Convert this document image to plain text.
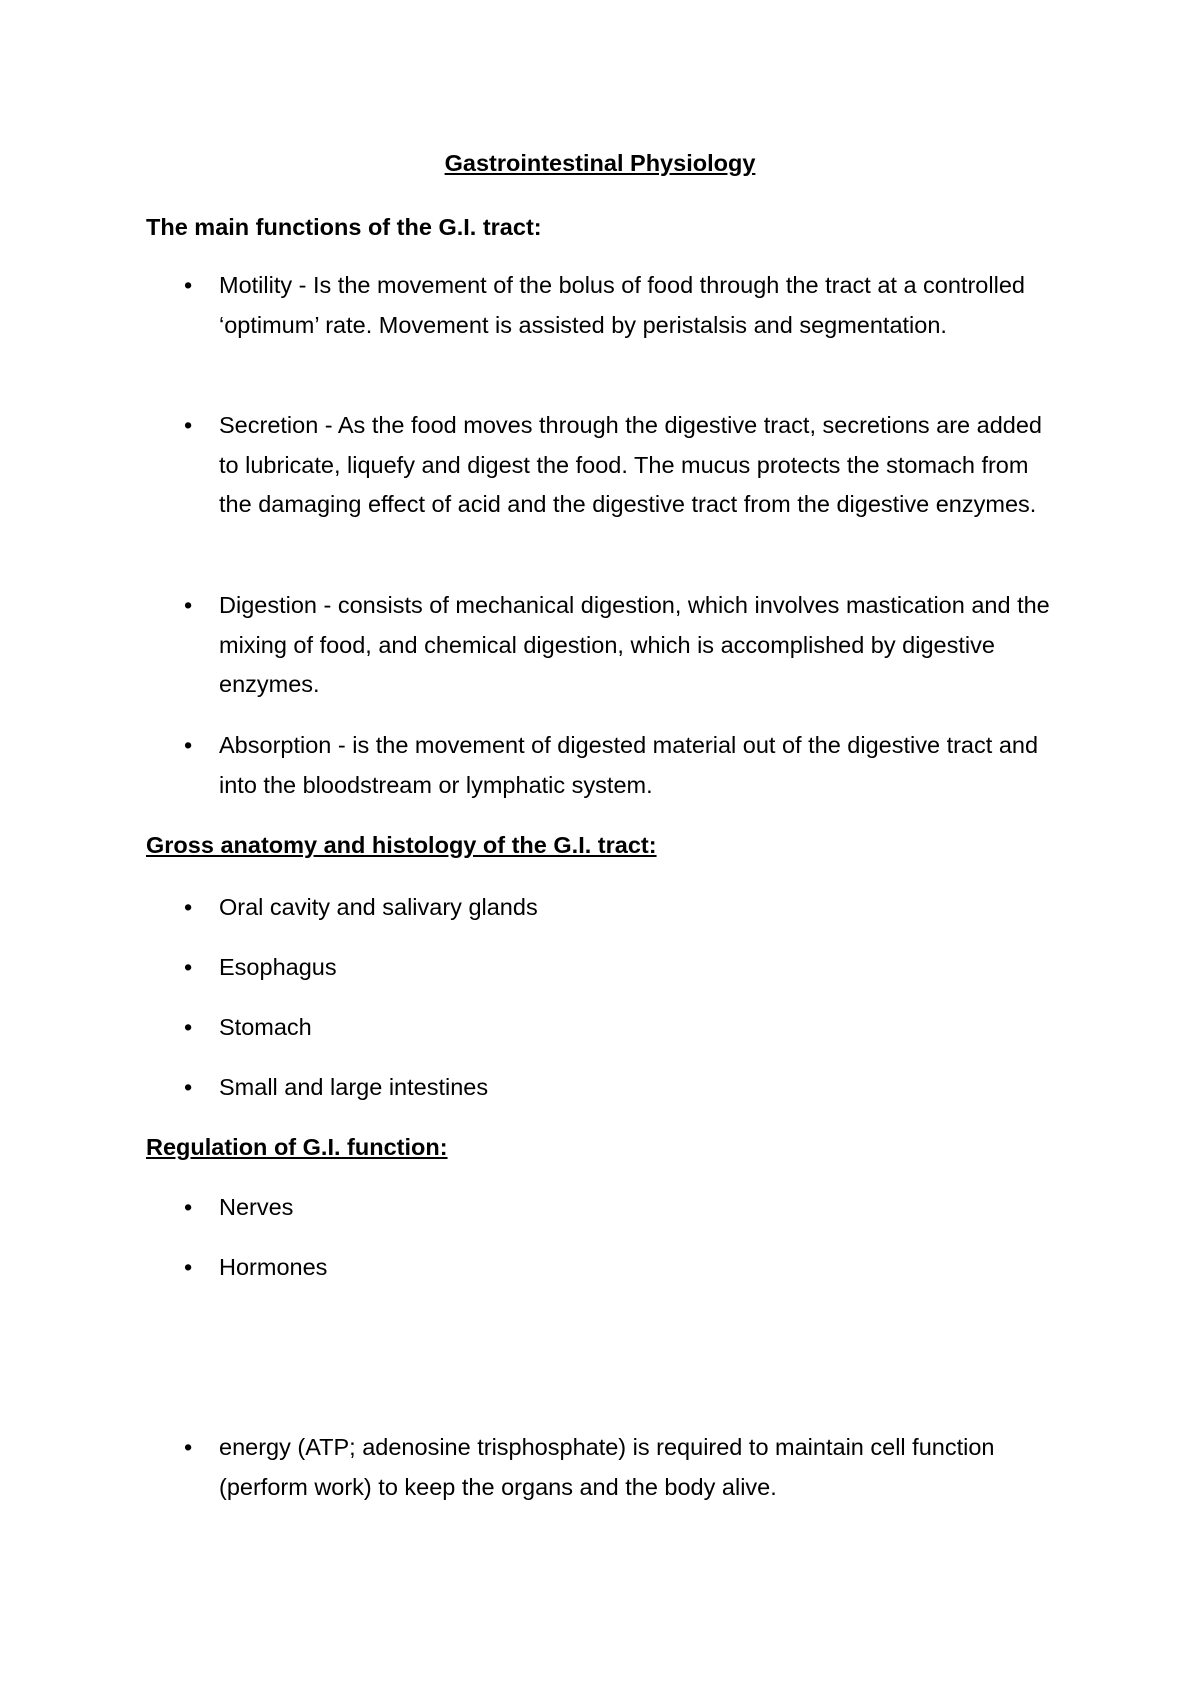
Gastrointestinal Physiology
The main functions of the G.I. tract:
• Motility - Is the movement of the bolus of food through the tract at a controlled ‘optimum’ rate. Movement is assisted by peristalsis and segmentation.
• Secretion - As the food moves through the digestive tract, secretions are added to lubricate, liquefy and digest the food. The mucus protects the stomach from the damaging effect of acid and the digestive tract from the digestive enzymes.
• Digestion - consists of mechanical digestion, which involves mastication and the mixing of food, and chemical digestion, which is accomplished by digestive enzymes.
• Absorption - is the movement of digested material out of the digestive tract and into the bloodstream or lymphatic system.
Gross anatomy and histology of the G.I. tract:
• Oral cavity and salivary glands
• Esophagus
• Stomach
• Small and large intestines
Regulation of G.I. function:
• Nerves
• Hormones
• energy (ATP; adenosine trisphosphate) is required to maintain cell function (perform work) to keep the organs and the body alive.
